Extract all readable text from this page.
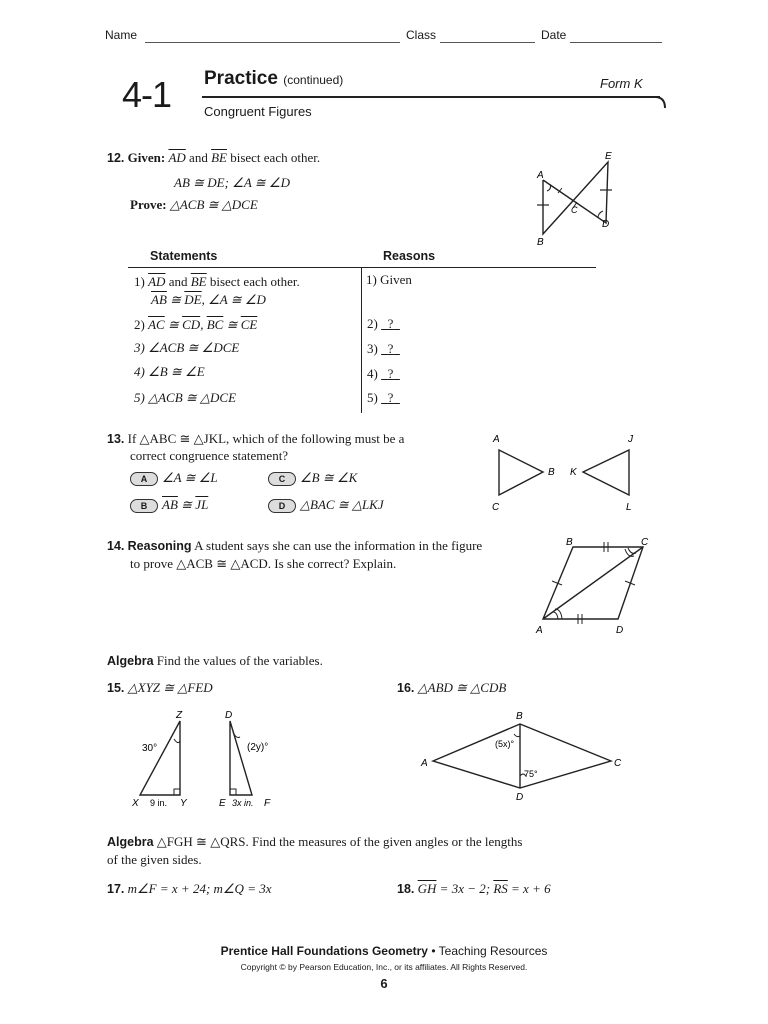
Name	Class	Date
4-1 Practice (continued)	Form K
Congruent Figures
12. Given: $\overline{AD}$ and $\overline{BE}$ bisect each other.
AB ≅ DE; ∠A ≅ ∠D
Prove: △ACB ≅ △DCE
A
B
C
D
E
Statements	Reasons
1) $\overline{AD}$ and $\overline{BE}$ bisect each other.
$\overline{AB}$ ≅ $\overline{DE}$, ∠A ≅ ∠D
1) Given
2) $\overline{AC}$ ≅ $\overline{CD}$, $\overline{BC}$ ≅ $\overline{CE}$	2)   ?
3) ∠ACB ≅ ∠DCE	3)   ?
4) ∠B ≅ ∠E	4)   ?
5) △ACB ≅ △DCE	5)   ?
13. If △ABC ≅ △JKL, which of the following must be a
correct congruence statement?
A ∠A ≅ ∠L	C ∠B ≅ ∠K
B $\overline{AB}$ ≅ $\overline{JL}$	D △BAC ≅ △LKJ
A
B
C
J
K
L
14. Reasoning A student says she can use the information in the figure
to prove △ACB ≅ △ACD. Is she correct? Explain.
B	C
A	D
Algebra Find the values of the variables.
15. △XYZ ≅ △FED
Z	D
30°	(2y)°
X 9 in. Y	E 3x in. F
16. △ABD ≅ △CDB
B
A	C
D
(5x)°
75°
Algebra △FGH ≅ △QRS. Find the measures of the given angles or the lengths
of the given sides.
17. m∠F = x + 24; m∠Q = 3x	18. $\overline{GH} = 3x - 2$; $\overline{RS} = x + 6$
Prentice Hall Foundations Geometry • Teaching Resources
Copyright © by Pearson Education, Inc., or its affiliates. All Rights Reserved.
6
